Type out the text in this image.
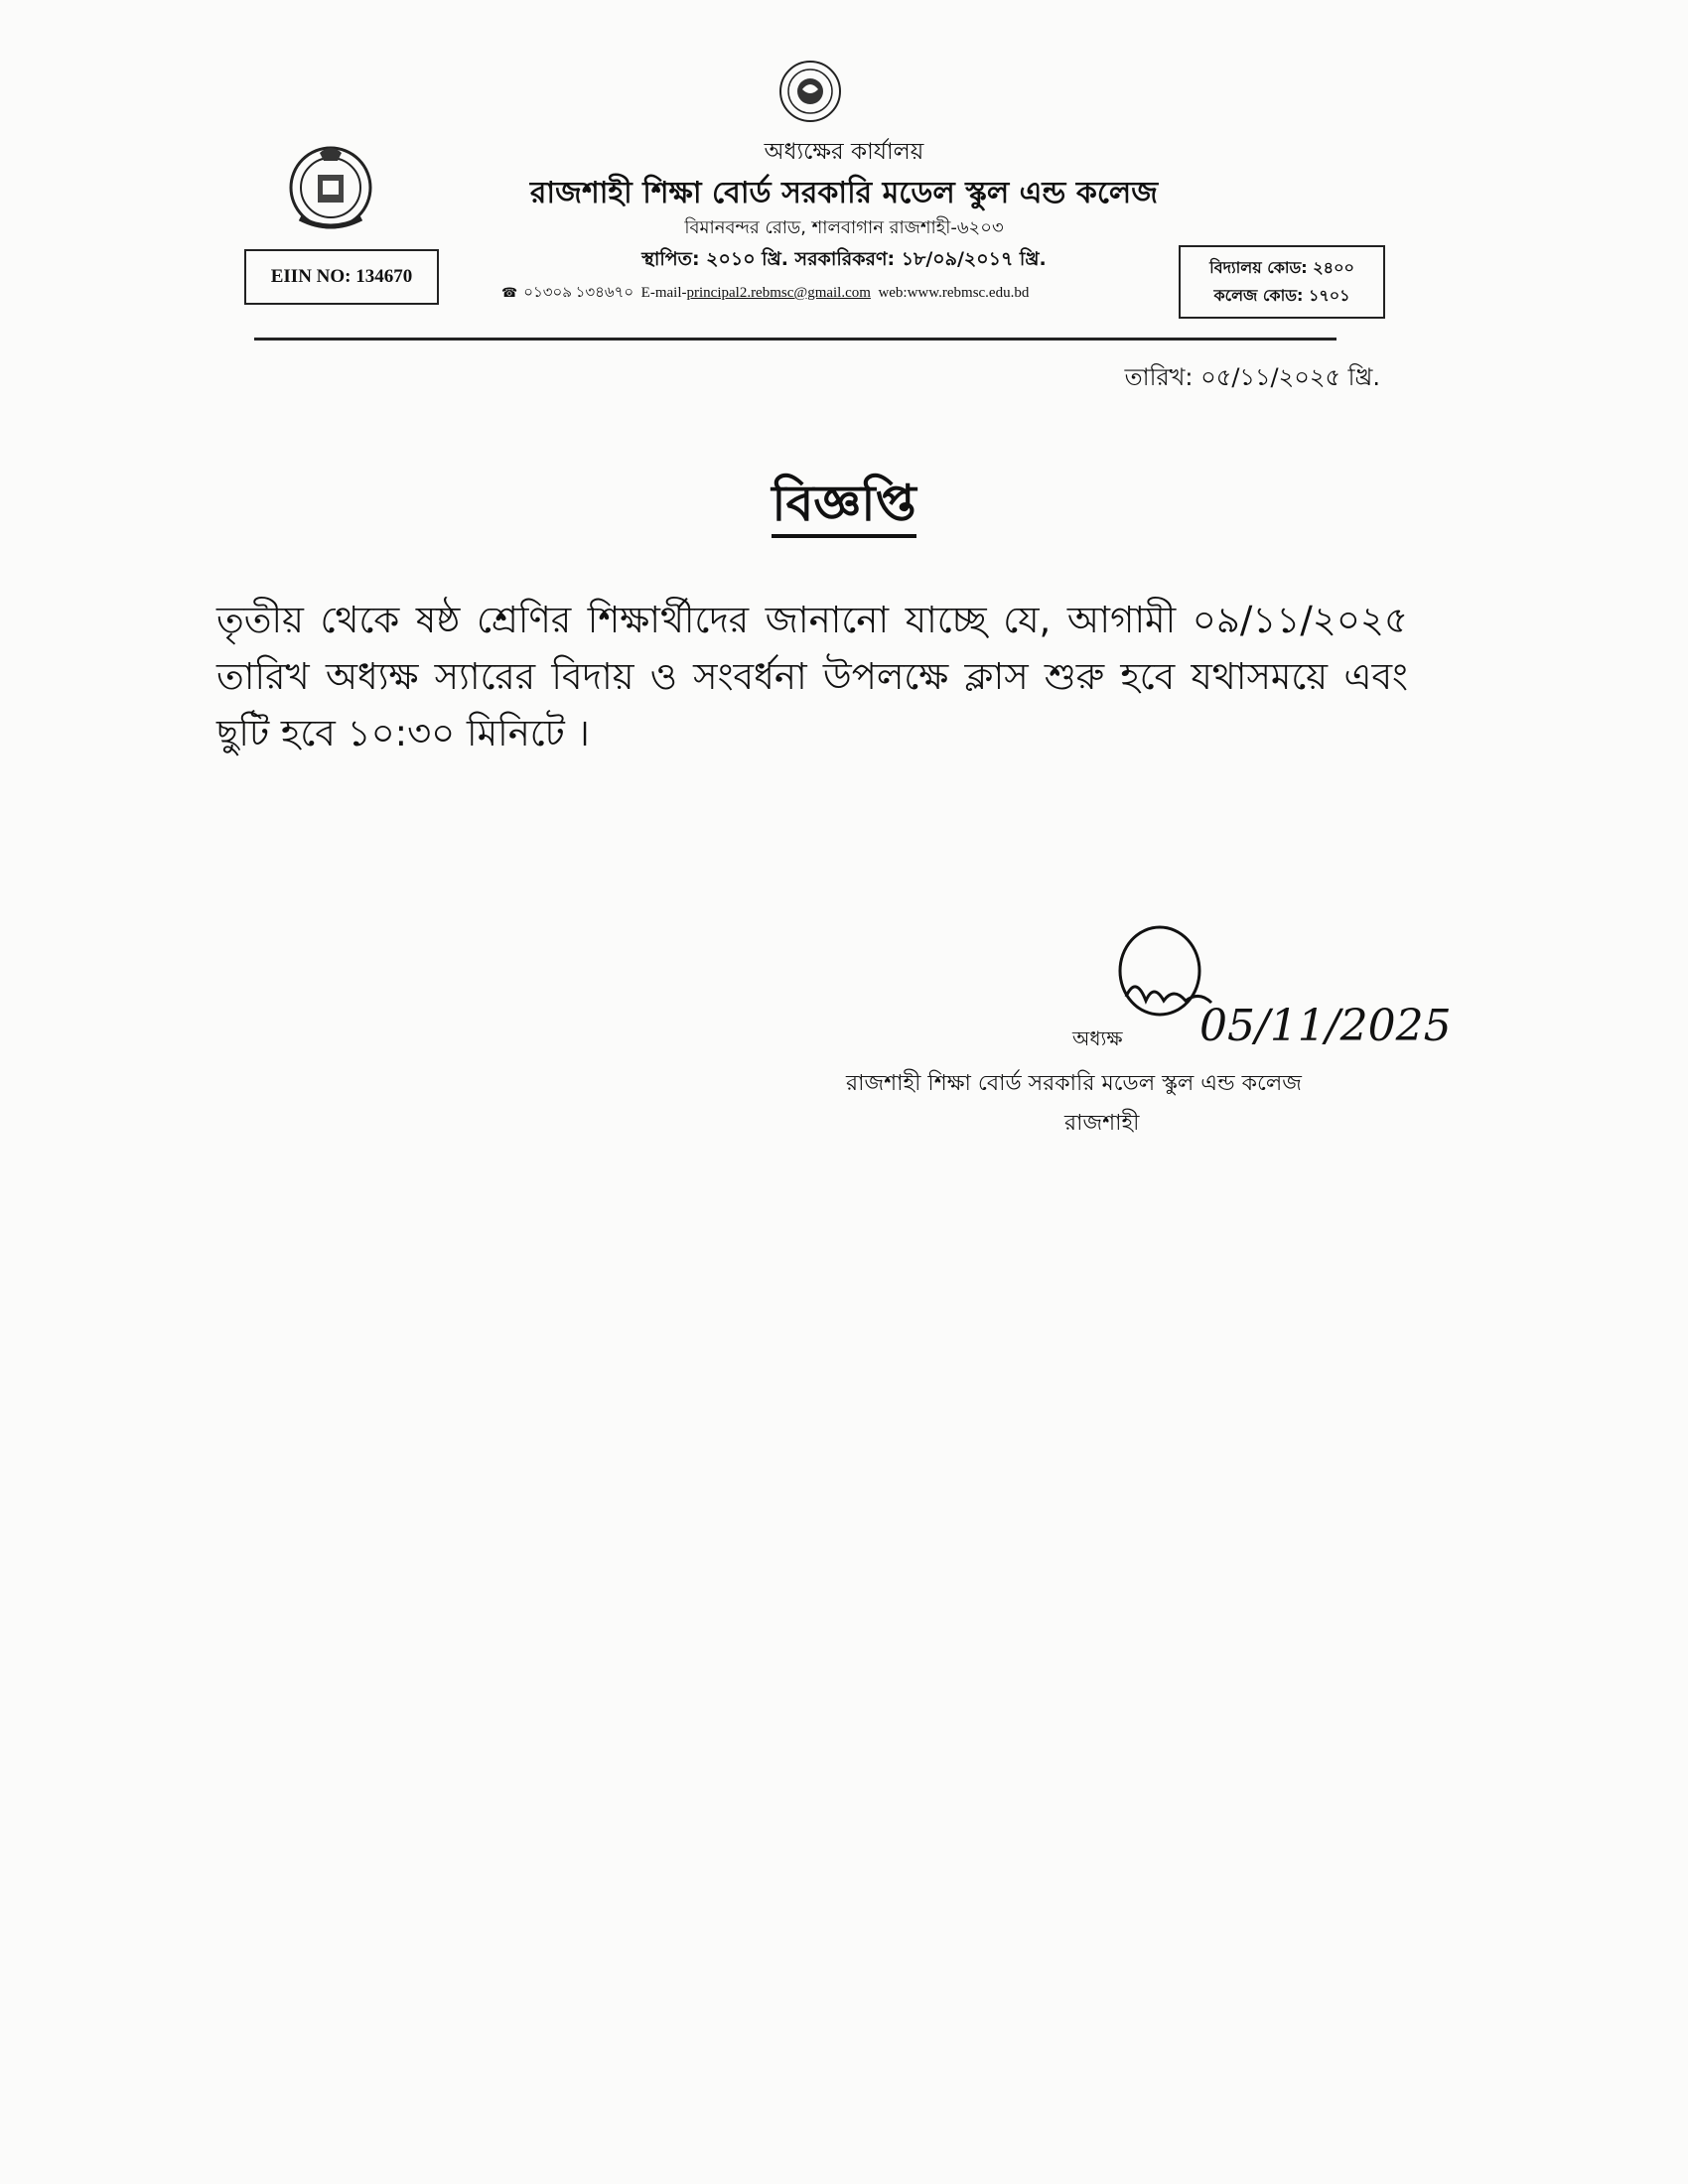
অধ্যক্ষের কার্যালয়
রাজশাহী শিক্ষা বোর্ড সরকারি মডেল স্কুল এন্ড কলেজ
বিমানবন্দর রোড, শালবাগান রাজশাহী-৬২০৩
স্থাপিত: ২০১০ খ্রি. সরকারিকরণ: ১৮/০৯/২০১৭ খ্রি.
☎ ০১৩০৯ ১৩৪৬৭০ E-mail-principal2.rebmsc@gmail.com web:www.rebmsc.edu.bd
EIIN NO: 134670	বিদ্যালয় কোড: ২৪০০
কলেজ কোড: ১৭০১
তারিখ: ০৫/১১/২০২৫ খ্রি.
বিজ্ঞপ্তি
তৃতীয় থেকে ষষ্ঠ শ্রেণির শিক্ষার্থীদের জানানো যাচ্ছে যে, আগামী ০৯/১১/২০২৫ তারিখ অধ্যক্ষ স্যারের বিদায় ও সংবর্ধনা উপলক্ষে ক্লাস শুরু হবে যথাসময়ে এবং ছুটি হবে ১০:৩০ মিনিটে ।
05/11/2025
অধ্যক্ষ
রাজশাহী শিক্ষা বোর্ড সরকারি মডেল স্কুল এন্ড কলেজ
রাজশাহী
